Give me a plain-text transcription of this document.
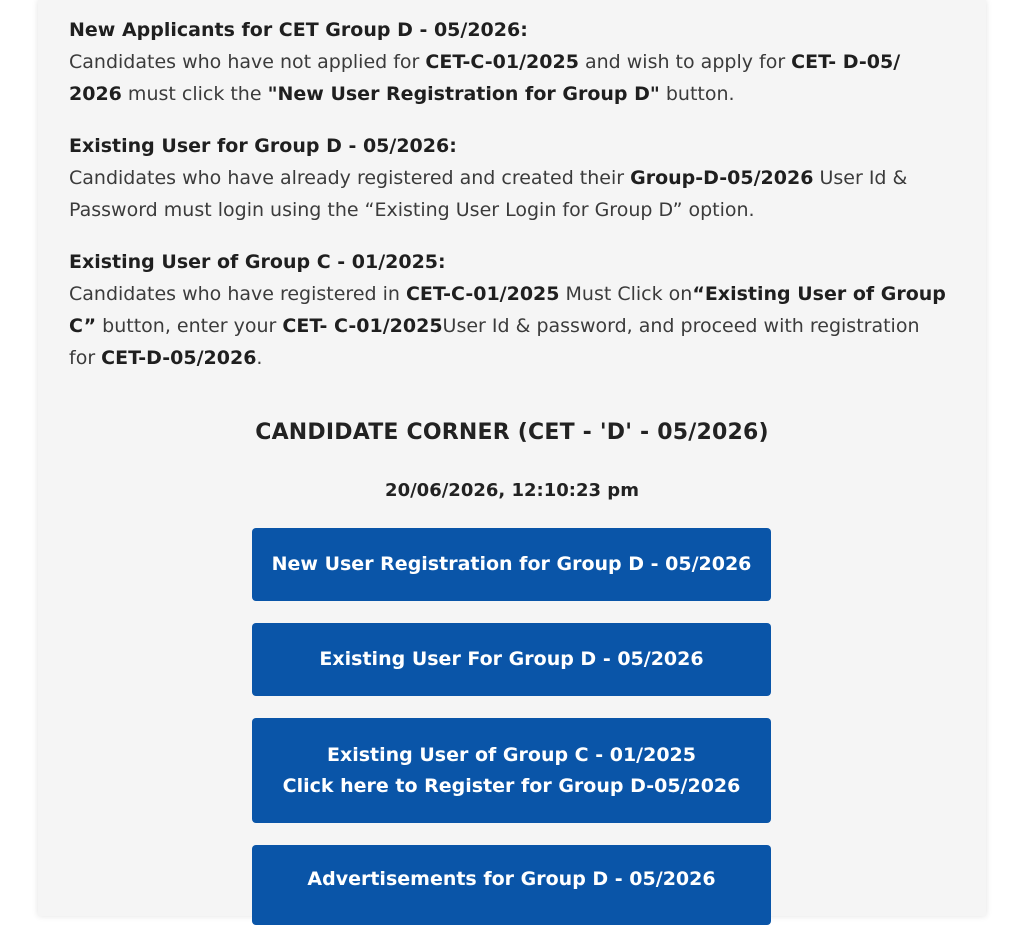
New Applicants for CET Group D - 05/2026:
Candidates who have not applied for CET-C-01/2025 and wish to apply for CET- D-05/
2026 must click the "New User Registration for Group D" button.
Existing User for Group D - 05/2026:
Candidates who have already registered and created their Group-D-05/2026 User Id &
Password must login using the “Existing User Login for Group D” option.
Existing User of Group C - 01/2025:
Candidates who have registered in CET-C-01/2025 Must Click on“Existing User of Group
C” button, enter your CET- C-01/2025User Id & password, and proceed with registration
for CET-D-05/2026.
CANDIDATE CORNER (CET - 'D' - 05/2026)
20/06/2026, 12:10:23 pm
New User Registration for Group D - 05/2026
Existing User For Group D - 05/2026
Existing User of Group C - 01/2025
Click here to Register for Group D-05/2026
Advertisements for Group D - 05/2026
